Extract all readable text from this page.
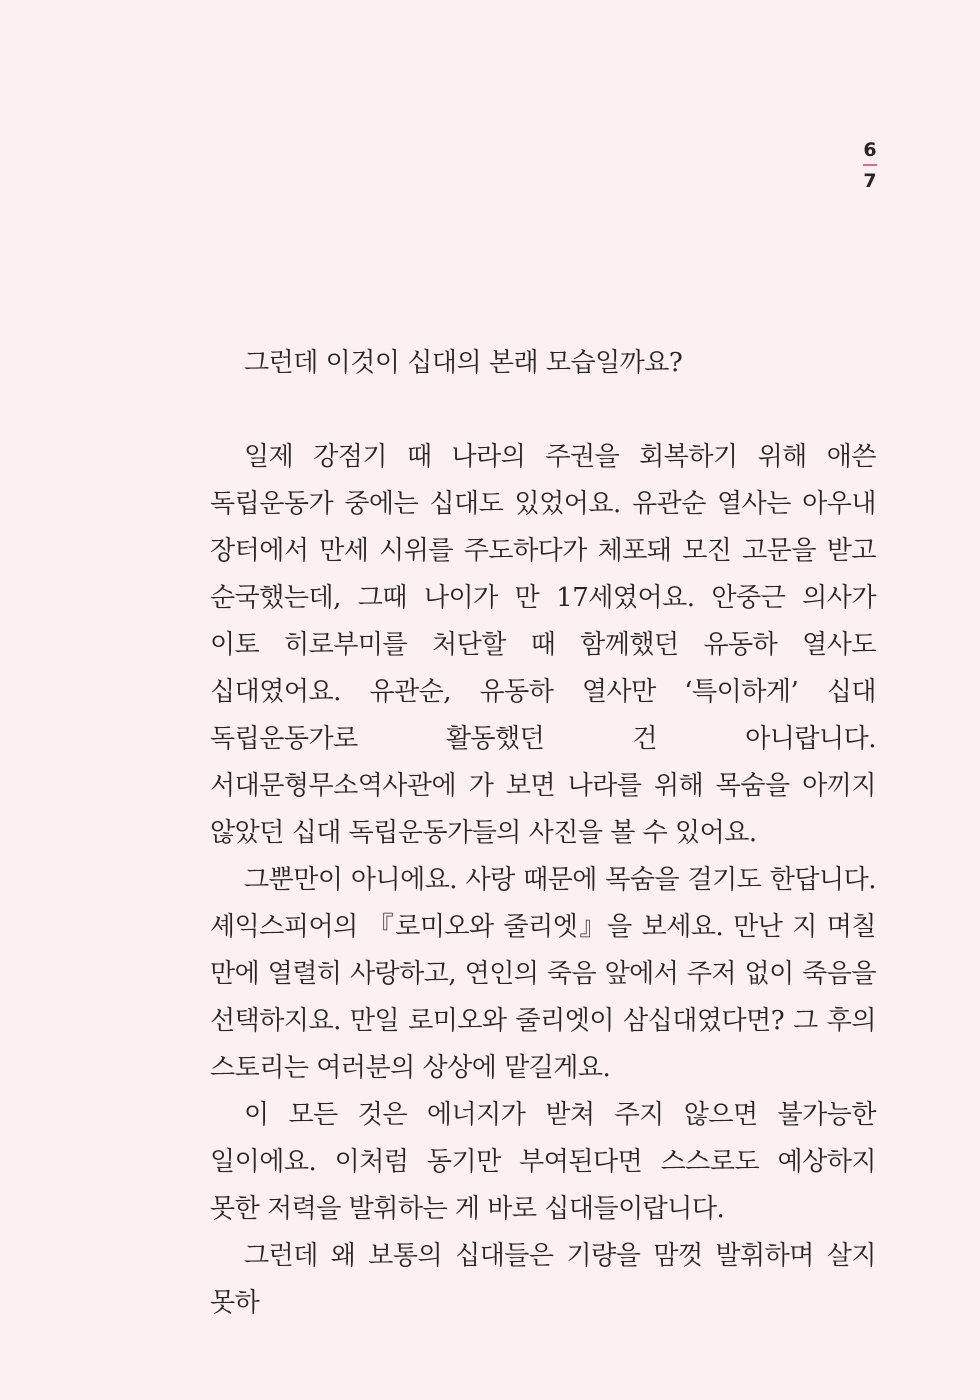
6
7

그런데 이것이 십대의 본래 모습일까요?

일제 강점기 때 나라의 주권을 회복하기 위해 애쓴 독립운동가 중에는 십대도 있었어요. 유관순 열사는 아우내 장터에서 만세 시위를 주도하다가 체포돼 모진 고문을 받고 순국했는데, 그때 나이가 만 17세였어요. 안중근 의사가 이토 히로부미를 처단할 때 함께했던 유동하 열사도 십대였어요. 유관순, 유동하 열사만 ‘특이하게’ 십대 독립운동가로 활동했던 건 아니랍니다. 서대문형무소역사관에 가 보면 나라를 위해 목숨을 아끼지 않았던 십대 독립운동가들의 사진을 볼 수 있어요.

그뿐만이 아니에요. 사랑 때문에 목숨을 걸기도 한답니다. 셰익스피어의 『로미오와 줄리엣』을 보세요. 만난 지 며칠 만에 열렬히 사랑하고, 연인의 죽음 앞에서 주저 없이 죽음을 선택하지요. 만일 로미오와 줄리엣이 삼십대였다면? 그 후의 스토리는 여러분의 상상에 맡길게요.

이 모든 것은 에너지가 받쳐 주지 않으면 불가능한 일이에요. 이처럼 동기만 부여된다면 스스로도 예상하지 못한 저력을 발휘하는 게 바로 십대들이랍니다.

그런데 왜 보통의 십대들은 기량을 맘껏 발휘하며 살지 못하
